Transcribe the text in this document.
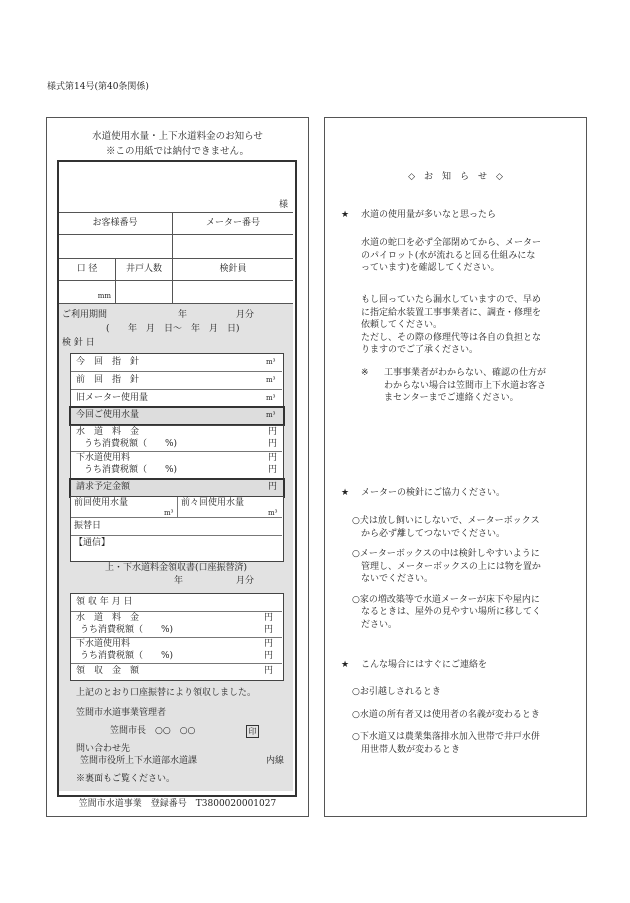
様式第14号(第40条関係)
水道使用水量・上下水道料金のお知らせ
※この用紙では納付できません。
様
お客様番号	メーター番号
口 径	井戸人数	検針員
mm
ご利用期間	年	月分
( 年　月　日～　年　月　日)
検 針 日
今　回　指　針	m³
前　回　指　針	m³
旧メーター使用量	m³
今回ご使用水量	m³
水　道　料　金	円
うち消費税額（　　%)	円
下水道使用料	円
うち消費税額（　　%)	円
請求予定金額	円
前回使用水量	前々回使用水量
m³	m³
振替日
【通信】
上・下水道料金領収書(口座振替済)
年	月分
領 収 年 月 日
水　道　料　金	円
うち消費税額（　　%)	円
下水道使用料	円
うち消費税額（　　%)	円
領　収　金　額	円
上記のとおり口座振替により領収しました。
笠間市水道事業管理者
笠間市長　○○　○○	印
問い合わせ先
笠間市役所上下水道部水道課	内線
※裏面もご覧ください。
笠間市水道事業　登録番号　T3800020001027
◇　お　知　ら　せ　◇
★ 水道の使用量が多いなと思ったら
水道の蛇口を必ず全部閉めてから、メーター
のパイロット(水が流れると回る仕組みにな
っています)を確認してください。
もし回っていたら漏水していますので、早め
に指定給水装置工事事業者に、調査・修理を
依頼してください。
ただし、その際の修理代等は各自の負担とな
りますのでご了承ください。
※ 工事事業者がわからない、確認の仕方が
わからない場合は笠間市上下水道お客さ
まセンターまでご連絡ください。
★ メーターの検針にご協力ください。
○犬は放し飼いにしないで、メーターボックス
　から必ず離してつないでください。
○メーターボックスの中は検針しやすいように
　管理し、メーターボックスの上には物を置か
　ないでください。
○家の増改築等で水道メーターが床下や屋内に
　なるときは、屋外の見やすい場所に移してく
　ださい。
★ こんな場合にはすぐにご連絡を
○お引越しされるとき
○水道の所有者又は使用者の名義が変わるとき
○下水道又は農業集落排水加入世帯で井戸水併
　用世帯人数が変わるとき
